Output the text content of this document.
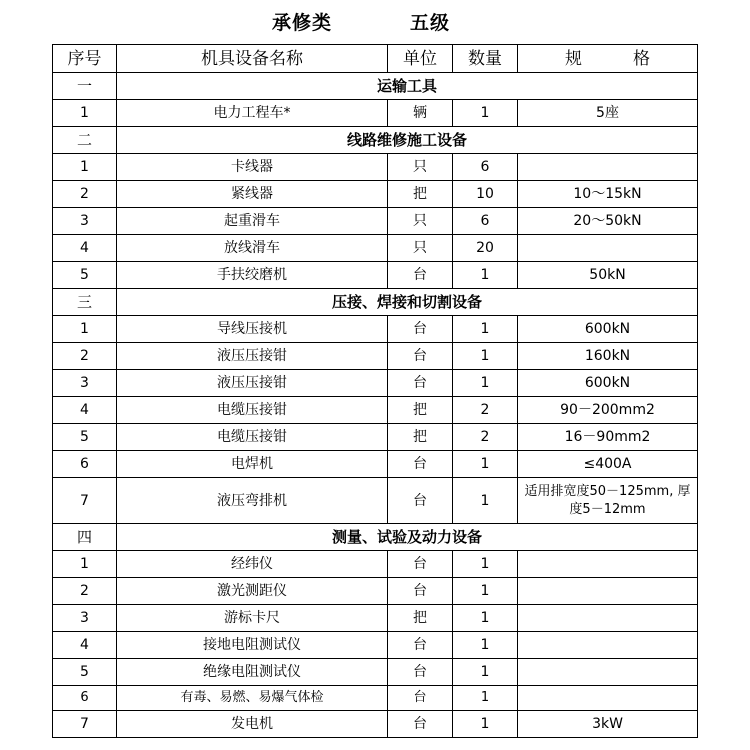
承修类	五级
序号	机具设备名称	单位	数量	规　　　格
一	运输工具			
1	电力工程车*	辆	1	5座
二	线路维修施工设备			
1	卡线器	只	6	
2	紧线器	把	10	10～15kN
3	起重滑车	只	6	20～50kN
4	放线滑车	只	20	
5	手扶绞磨机	台	1	50kN
三	压接、焊接和切割设备			
1	导线压接机	台	1	600kN
2	液压压接钳	台	1	160kN
3	液压压接钳	台	1	600kN
4	电缆压接钳	把	2	90－200mm2
5	电缆压接钳	把	2	16－90mm2
6	电焊机	台	1	≤400A
7	液压弯排机	台	1	适用排宽度50－125mm, 厚度5－12mm
四	测量、试验及动力设备			
1	经纬仪	台	1	
2	激光测距仪	台	1	
3	游标卡尺	把	1	
4	接地电阻测试仪	台	1	
5	绝缘电阻测试仪	台	1	
6	有毒、易燃、易爆气体检	台	1	
7	发电机	台	1	3kW
